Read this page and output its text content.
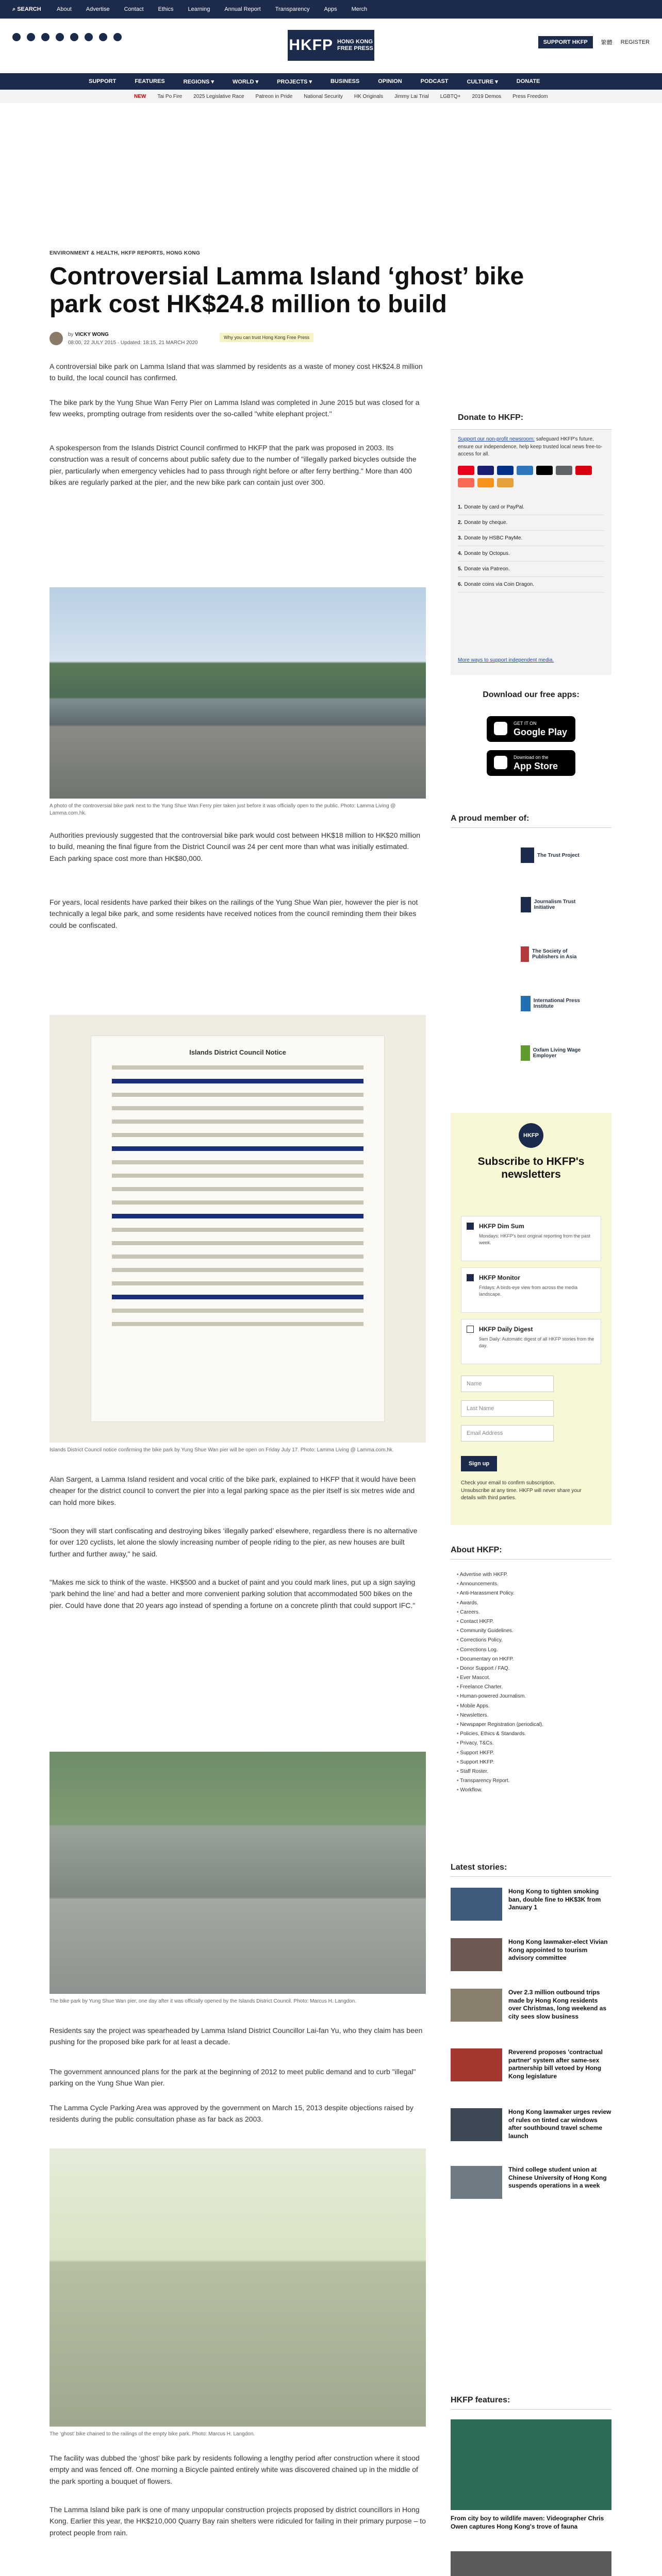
⌕ SEARCH	About	Advertise	Contact	Ethics	Learning	Annual Report	Transparency	Apps	Merch
HKFP HONG KONG
FREE PRESS
SUPPORT HKFP	繁體 REGISTER
SUPPORT	FEATURES	REGIONS ▾	WORLD ▾	PROJECTS ▾	BUSINESS	OPINION	PODCAST	CULTURE ▾	DONATE
NEW Tai Po Fire 2025 Legislative Race Patreon in Pride National Security HK Originals Jimmy Lai Trial LGBTQ+ 2019 Demos Press Freedom
ENVIRONMENT & HEALTH, HKFP REPORTS, HONG KONG
Controversial Lamma Island ‘ghost’ bike park cost HK$24.8 million to build
by VICKY WONG
08:00, 22 JULY 2015 · Updated: 18:15, 21 MARCH 2020
Why you can trust Hong Kong Free Press

A controversial bike park on Lamma Island that was slammed by residents as a waste of money cost HK$24.8 million to build, the local council has confirmed.

The bike park by the Yung Shue Wan Ferry Pier on Lamma Island was completed in June 2015 but was closed for a few weeks, prompting outrage from residents over the so-called "white elephant project."

A spokesperson from the Islands District Council confirmed to HKFP that the park was proposed in 2003. Its construction was a result of concerns about public safety due to the number of "illegally parked bicycles outside the pier, particularly when emergency vehicles had to pass through right before or after ferry berthing." More than 400 bikes are regularly parked at the pier, and the new bike park can contain just over 300.

A photo of the controversial bike park next to the Yung Shue Wan Ferry pier taken just before it was officially open to the public. Photo: Lamma Living @ Lamma.com.hk.

Authorities previously suggested that the controversial bike park would cost between HK$18 million to HK$20 million to build, meaning the final figure from the District Council was 24 per cent more than what was initially estimated. Each parking space cost more than HK$80,000.

For years, local residents have parked their bikes on the railings of the Yung Shue Wan pier, however the pier is not technically a legal bike park, and some residents have received notices from the council reminding them their bikes could be confiscated.

Islands District Council Notice
Islands District Council notice confirming the bike park by Yung Shue Wan pier will be open on Friday July 17. Photo: Lamma Living @ Lamma.com.hk.

Alan Sargent, a Lamma Island resident and vocal critic of the bike park, explained to HKFP that it would have been cheaper for the district council to convert the pier into a legal parking space as the pier itself is six metres wide and can hold more bikes.

"Soon they will start confiscating and destroying bikes ‘illegally parked’ elsewhere, regardless there is no alternative for over 120 cyclists, let alone the slowly increasing number of people riding to the pier, as new houses are built further and further away," he said.

"Makes me sick to think of the waste. HK$500 and a bucket of paint and you could mark lines, put up a sign saying ‘park behind the line’ and had a better and more convenient parking solution that accommodated 500 bikes on the pier. Could have done that 20 years ago instead of spending a fortune on a concrete plinth that could support IFC."

The bike park by Yung Shue Wan pier, one day after it was officially opened by the Islands District Council. Photo: Marcus H. Langdon.

Residents say the project was spearheaded by Lamma Island District Councillor Lai-fan Yu, who they claim has been pushing for the proposed bike park for at least a decade.

The government announced plans for the park at the beginning of 2012 to meet public demand and to curb "illegal" parking on the Yung Shue Wan pier.

The Lamma Cycle Parking Area was approved by the government on March 15, 2013 despite objections raised by residents during the public consultation phase as far back as 2003.

The ‘ghost’ bike chained to the railings of the empty bike park. Photo: Marcus H. Langdon.

The facility was dubbed the ‘ghost’ bike park by residents following a lengthy period after construction where it stood empty and was fenced off. One morning a Bicycle painted entirely white was discovered chained up in the middle of the park sporting a bouquet of flowers.

The Lamma Island bike park is one of many unpopular construction projects proposed by district councillors in Hong Kong. Earlier this year, the HK$210,000 Quarry Bay rain shelters were ridiculed for failing in their primary purpose – to protect people from rain.

Donate to HKFP:
Support our non-profit newsroom: safeguard HKFP's future, ensure our independence, help keep trusted local news free-to-access for all.
1. Donate by card or PayPal.
2. Donate by cheque.
3. Donate by HSBC PayMe.
4. Donate by Octopus.
5. Donate via Patreon.
6. Donate coins via Coin Dragon.
More ways to support independent media.
Download our free apps:
GET IT ON
Google Play
Download on the
App Store
A proud member of:
The Trust Project
Journalism Trust Initiative
The Society of Publishers in Asia
International Press Institute
Oxfam Living Wage Employer
HKFP
Subscribe to HKFP's newsletters
HKFP Dim Sum
Mondays: HKFP's best original reporting from the past week.
HKFP Monitor
Fridays: A birds-eye view from across the media landscape.
HKFP Daily Digest
9am Daily: Automatic digest of all HKFP stories from the day.
Name
Last Name
Email Address
Sign up
Check your email to confirm subscription. Unsubscribe at any time. HKFP will never share your details with third parties.
About HKFP:
• Advertise with HKFP.
• Announcements.
• Anti-Harassment Policy.
• Awards.
• Careers.
• Contact HKFP.
• Community Guidelines.
• Corrections Policy.
• Corrections Log.
• Documentary on HKFP.
• Donor Support / FAQ.
• Ever Mascot.
• Freelance Charter.
• Human-powered Journalism.
• Mobile Apps.
• Newsletters.
• Newspaper Registration (periodical).
• Policies, Ethics & Standards.
• Privacy, T&Cs.
• Support HKFP.
• Support HKFP.
• Staff Roster.
• Transparency Report.
• Workflow.
Latest stories:
Hong Kong to tighten smoking ban, double fine to HK$3K from January 1
Hong Kong lawmaker-elect Vivian Kong appointed to tourism advisory committee
Over 2.3 million outbound trips made by Hong Kong residents over Christmas, long weekend as city sees slow business
Reverend proposes 'contractual partner' system after same-sex partnership bill vetoed by Hong Kong legislature
Hong Kong lawmaker urges review of rules on tinted car windows after southbound travel scheme launch
Third college student union at Chinese University of Hong Kong suspends operations in a week
HKFP features:
From city boy to wildlife maven: Videographer Chris Owen captures Hong Kong's trove of fauna
